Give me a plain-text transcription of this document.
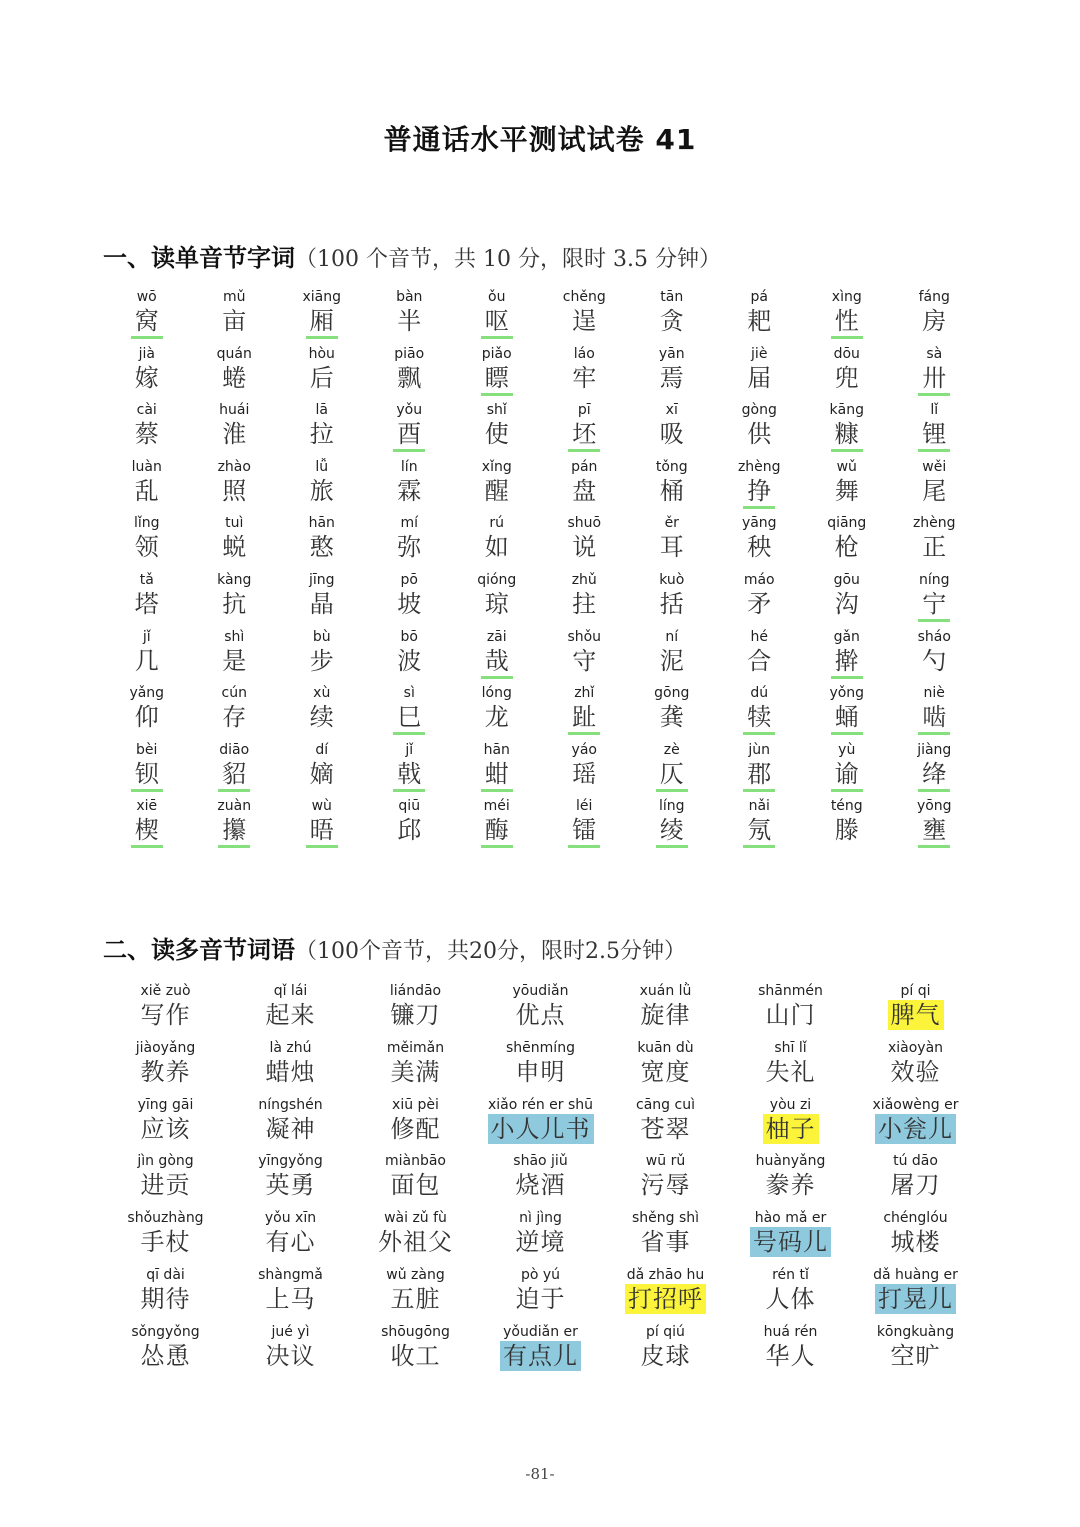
普通话水平测试试卷 41
一、读单音节字词（100 个音节，共 10 分，限时 3.5 分钟）
wō
窝
mǔ
亩
xiāng
厢
bàn
半
ǒu
呕
chěng
逞
tān
贪
pá
耙
xìng
性
fáng
房
jià
嫁
quán
蜷
hòu
后
piāo
飘
piǎo
瞟
láo
牢
yān
焉
jiè
届
dōu
兜
sà
卅
cài
蔡
huái
淮
lā
拉
yǒu
酉
shǐ
使
pī
坯
xī
吸
gòng
供
kāng
糠
lǐ
锂
luàn
乱
zhào
照
lǚ
旅
lín
霖
xǐng
醒
pán
盘
tǒng
桶
zhèng
挣
wǔ
舞
wěi
尾
lǐng
领
tuì
蜕
hān
憨
mí
弥
rú
如
shuō
说
ěr
耳
yāng
秧
qiāng
枪
zhèng
正
tǎ
塔
kàng
抗
jīng
晶
pō
坡
qióng
琼
zhǔ
拄
kuò
括
máo
矛
gōu
沟
níng
宁
jǐ
几
shì
是
bù
步
bō
波
zāi
哉
shǒu
守
ní
泥
hé
合
gǎn
擀
sháo
勺
yǎng
仰
cún
存
xù
续
sì
巳
lóng
龙
zhǐ
趾
gōng
龚
dú
犊
yǒng
蛹
niè
啮
bèi
钡
diāo
貂
dí
嫡
jǐ
戟
hān
蚶
yáo
瑶
zè
仄
jùn
郡
yù
谕
jiàng
绛
xiē
楔
zuàn
攥
wù
晤
qiū
邱
méi
酶
léi
镭
líng
绫
nǎi
氖
téng
滕
yōng
壅
二、读多音节词语（100个音节，共20分，限时2.5分钟）
xiě zuò
写作
qǐ lái
起来
liándāo
镰刀
yōudiǎn
优点
xuán lǜ
旋律
shānmén
山门
pí qi
脾气
jiàoyǎng
教养
là zhú
蜡烛
měimǎn
美满
shēnmíng
申明
kuān dù
宽度
shī lǐ
失礼
xiàoyàn
效验
yīng gāi
应该
níngshén
凝神
xiū pèi
修配
xiǎo rén er shū
小人儿书
cāng cuì
苍翠
yòu zi
柚子
xiǎowèng er
小瓮儿
jìn gòng
进贡
yīngyǒng
英勇
miànbāo
面包
shāo jiǔ
烧酒
wū rǔ
污辱
huànyǎng
豢养
tú dāo
屠刀
shǒuzhàng
手杖
yǒu xīn
有心
wài zǔ fù
外祖父
nì jìng
逆境
shěng shì
省事
hào mǎ er
号码儿
chénglóu
城楼
qī dài
期待
shàngmǎ
上马
wǔ zàng
五脏
pò yú
迫于
dǎ zhāo hu
打招呼
rén tǐ
人体
dǎ huàng er
打晃儿
sǒngyǒng
怂恿
jué yì
决议
shōugōng
收工
yǒudiǎn er
有点儿
pí qiú
皮球
huá rén
华人
kōngkuàng
空旷
-81-
